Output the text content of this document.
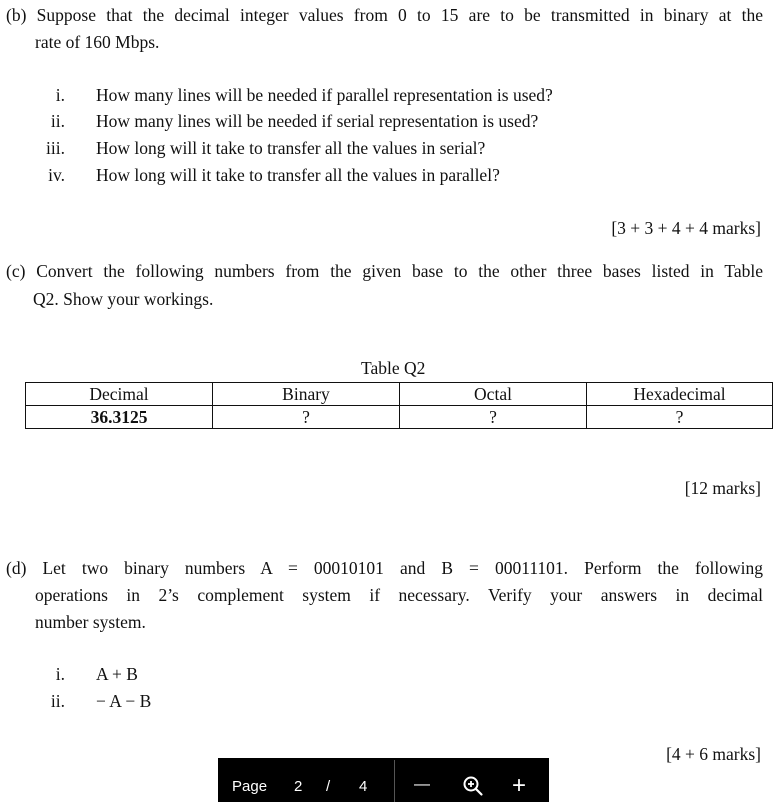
(b) Suppose that the decimal integer values from 0 to 15 are to be transmitted in binary at the
rate of 160 Mbps.
i. How many lines will be needed if parallel representation is used?
ii. How many lines will be needed if serial representation is used?
iii. How long will it take to transfer all the values in serial?
iv. How long will it take to transfer all the values in parallel?
[3 + 3 + 4 + 4 marks]
(c) Convert the following numbers from the given base to the other three bases listed in Table
Q2. Show your workings.
Table Q2
Decimal	Binary	Octal	Hexadecimal
36.3125	?	?	?
[12 marks]
(d) Let two binary numbers A = 00010101 and B = 00011101. Perform the following
operations in 2’s complement system if necessary. Verify your answers in decimal
number system.
i. A + B
ii. − A − B
[4 + 6 marks]
Page 2 / 4	—	+
